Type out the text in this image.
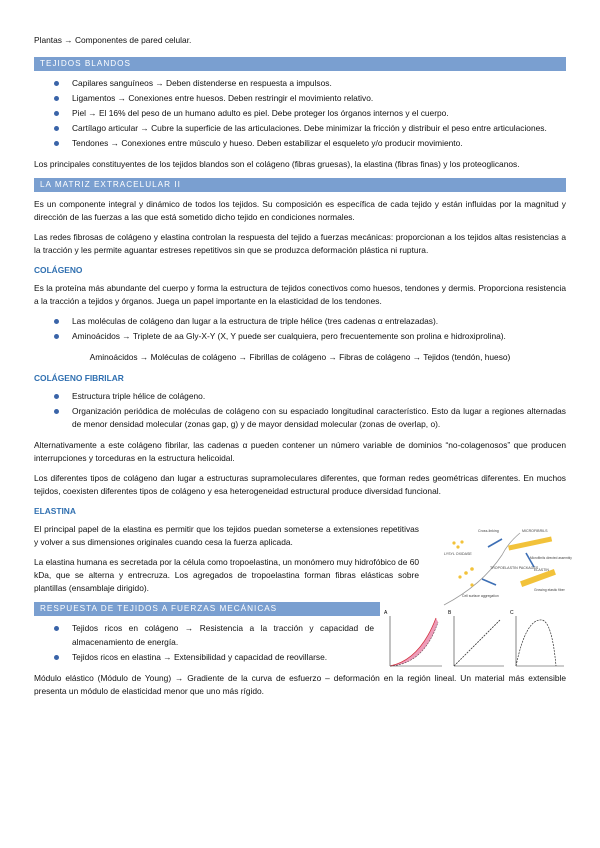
Plantas → Componentes de pared celular.

TEJIDOS BLANDOS
Capilares sanguíneos → Deben distenderse en respuesta a impulsos.
Ligamentos → Conexiones entre huesos. Deben restringir el movimiento relativo.
Piel → El 16% del peso de un humano adulto es piel. Debe proteger los órganos internos y el cuerpo.
Cartílago articular → Cubre la superficie de las articulaciones. Debe minimizar la fricción y distribuir el peso entre articulaciones.
Tendones → Conexiones entre músculo y hueso. Deben estabilizar el esqueleto y/o producir movimiento.

Los principales constituyentes de los tejidos blandos son el colágeno (fibras gruesas), la elastina (fibras finas) y los proteoglicanos.

LA MATRIZ EXTRACELULAR II

Es un componente integral y dinámico de todos los tejidos. Su composición es específica de cada tejido y están influidas por la magnitud y dirección de las fuerzas a las que está sometido dicho tejido en condiciones normales.

Las redes fibrosas de colágeno y elastina controlan la respuesta del tejido a fuerzas mecánicas: proporcionan a los tejidos altas resistencias a la tracción y les permite aguantar estreses repetitivos sin que se produzca deformación plástica ni ruptura.

COLÁGENO

Es la proteína más abundante del cuerpo y forma la estructura de tejidos conectivos como huesos, tendones y dermis. Proporciona resistencia a la tracción a tejidos y órganos. Juega un papel importante en la elasticidad de los tendones.

Las moléculas de colágeno dan lugar a la estructura de triple hélice (tres cadenas α entrelazadas).
Aminoácidos → Triplete de aa Gly-X-Y (X, Y puede ser cualquiera, pero frecuentemente son prolina e hidroxiprolina).

Aminoácidos → Moléculas de colágeno → Fibrillas de colágeno → Fibras de colágeno → Tejidos (tendón, hueso)

COLÁGENO FIBRILAR

Estructura triple hélice de colágeno.
Organización periódica de moléculas de colágeno con su espaciado longitudinal característico. Esto da lugar a regiones alternadas de menor densidad molecular (zonas gap, g) y de mayor densidad molecular (zonas de overlap, o).

Alternativamente a este colágeno fibrilar, las cadenas α pueden contener un número variable de dominios “no-colagenosos” que producen interrupciones y torceduras en la estructura helicoidal.

Los diferentes tipos de colágeno dan lugar a estructuras supramoleculares diferentes, que forman redes geométricas diferentes. En muchos tejidos, coexisten diferentes tipos de colágeno y esa heterogeneidad estructural produce diversidad funcional.

ELASTINA

El principal papel de la elastina es permitir que los tejidos puedan someterse a extensiones repetitivas y volver a sus dimensiones originales cuando cesa la fuerza aplicada.

La elastina humana es secretada por la célula como tropoelastina, un monómero muy hidrofóbico de 60 kDa, que se alterna y entrecruza. Los agregados de tropoelastina forman fibras elásticas sobre plantillas (ensamblaje dirigido).

Cross-linking	MICROFIBRILS
LYSYL OXIDASE
Microfibrils directed assembly
TROPOELASTIN PACKAGES
ELASTIN
Cell surface aggregation
Growing elastic fiber
RESPUESTA DE TEJIDOS A FUERZAS MECÁNICAS
Tejidos ricos en colágeno → Resistencia a la tracción y capacidad de almacenamiento de energía.
Tejidos ricos en elastina → Extensibilidad y capacidad de reovillarse.
A	B	C

Módulo elástico (Módulo de Young) → Gradiente de la curva de esfuerzo – deformación en la región lineal. Un material más extensible presenta un módulo de elasticidad menor que uno más rígido.
